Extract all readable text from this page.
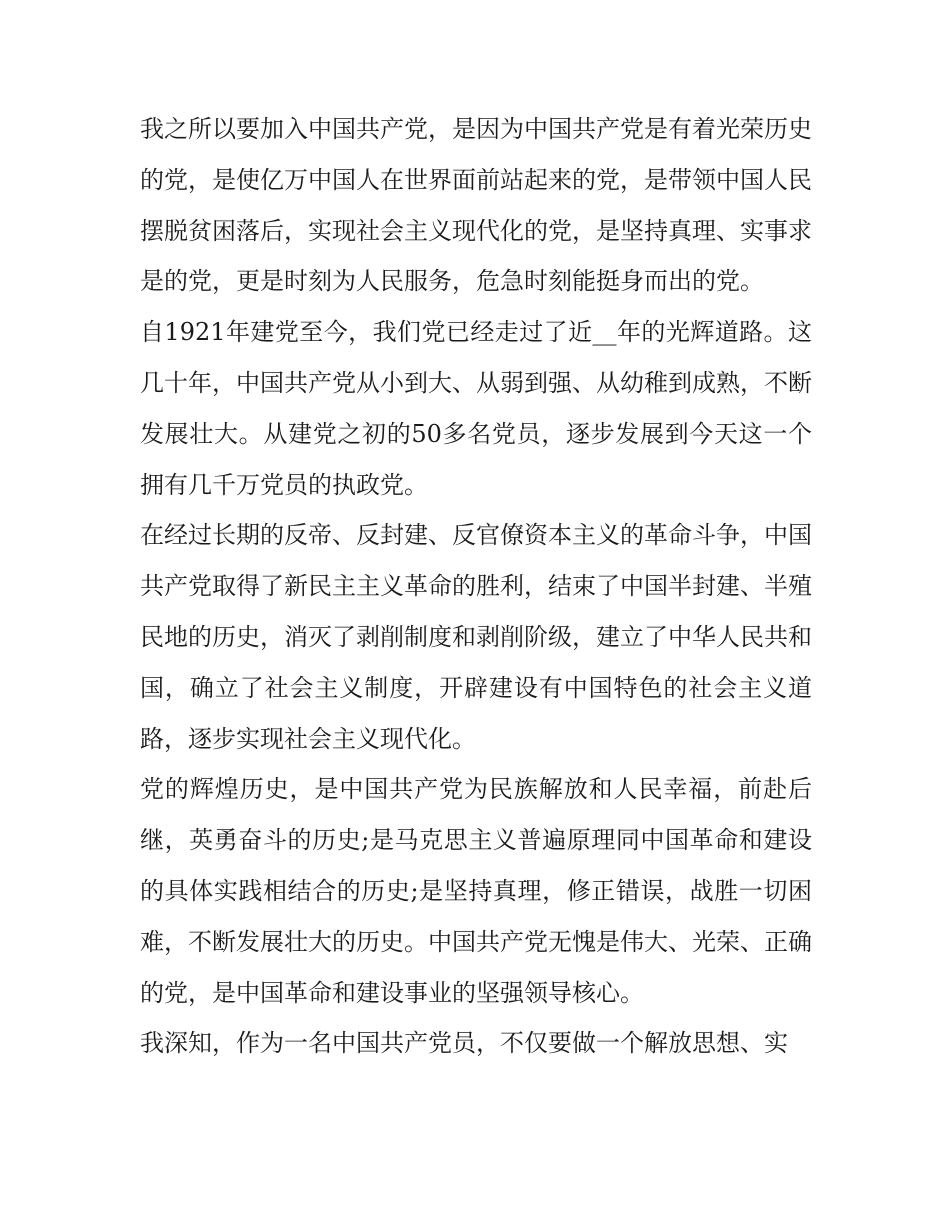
我之所以要加入中国共产党，是因为中国共产党是有着光荣历史的党，是使亿万中国人在世界面前站起来的党，是带领中国人民摆脱贫困落后，实现社会主义现代化的党，是坚持真理、实事求是的党，更是时刻为人民服务，危急时刻能挺身而出的党。

自1921年建党至今，我们党已经走过了近__年的光辉道路。这几十年，中国共产党从小到大、从弱到强、从幼稚到成熟，不断发展壮大。从建党之初的50多名党员，逐步发展到今天这一个拥有几千万党员的执政党。

在经过长期的反帝、反封建、反官僚资本主义的革命斗争，中国共产党取得了新民主主义革命的胜利，结束了中国半封建、半殖民地的历史，消灭了剥削制度和剥削阶级，建立了中华人民共和国，确立了社会主义制度，开辟建设有中国特色的社会主义道路，逐步实现社会主义现代化。

党的辉煌历史，是中国共产党为民族解放和人民幸福，前赴后继，英勇奋斗的历史;是马克思主义普遍原理同中国革命和建设的具体实践相结合的历史;是坚持真理，修正错误，战胜一切困难，不断发展壮大的历史。中国共产党无愧是伟大、光荣、正确的党，是中国革命和建设事业的坚强领导核心。

我深知，作为一名中国共产党员，不仅要做一个解放思想、实
